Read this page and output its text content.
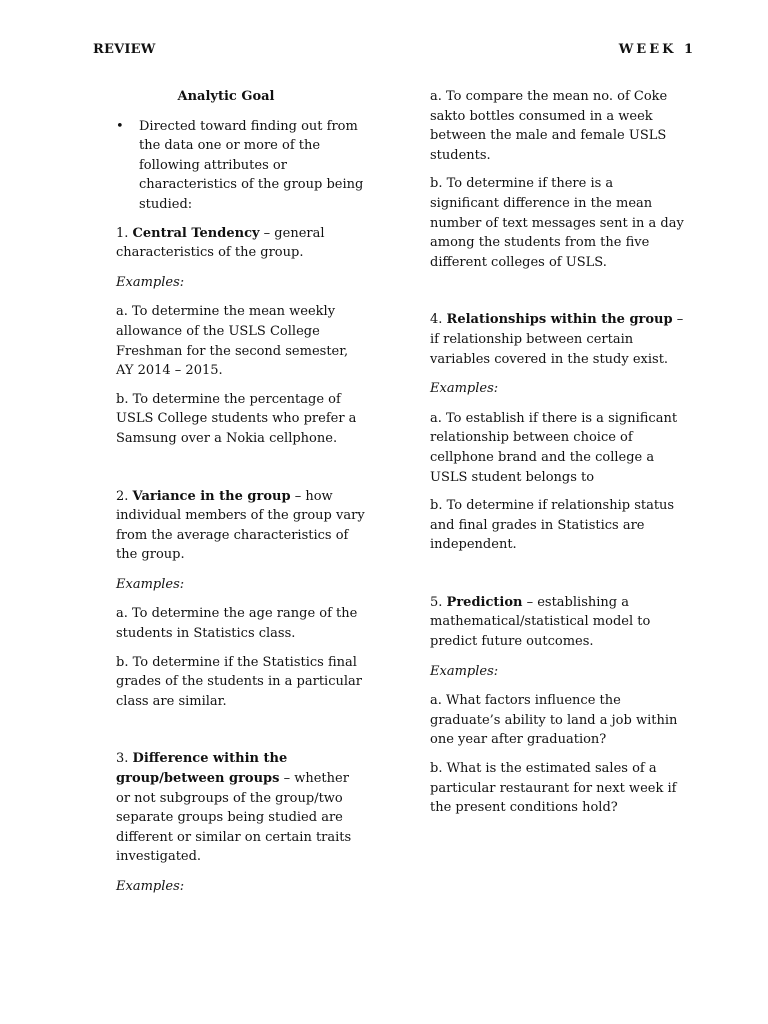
REVIEW	WEEK 1

Analytic Goal

•	Directed toward finding out from the data one or more of the following attributes or characteristics of the group being studied:

1. Central Tendency – general characteristics of the group.

Examples:

a. To determine the mean weekly allowance of the USLS College Freshman for the second semester, AY 2014 – 2015.

b. To determine the percentage of USLS College students who prefer a Samsung over a Nokia cellphone.

2. Variance in the group – how individual members of the group vary from the average characteristics of the group.

Examples:

a. To determine the age range of the students in Statistics class.

b. To determine if the Statistics final grades of the students in a particular class are similar.

3. Difference within the group/between groups – whether or not subgroups of the group/two separate groups being studied are different or similar on certain traits investigated.

Examples:

a. To compare the mean no. of Coke sakto bottles consumed in a week between the male and female USLS students.

b. To determine if there is a significant difference in the mean number of text messages sent in a day among the students from the five different colleges of USLS.

4. Relationships within the group – if relationship between certain variables covered in the study exist.

Examples:

a. To establish if there is a significant relationship between choice of cellphone brand and the college a USLS student belongs to

b. To determine if relationship status and final grades in Statistics are independent.

5. Prediction – establishing a mathematical/statistical model to predict future outcomes.

Examples:

a. What factors influence the graduate’s ability to land a job within one year after graduation?

b. What is the estimated sales of a particular restaurant for next week if the present conditions hold?
